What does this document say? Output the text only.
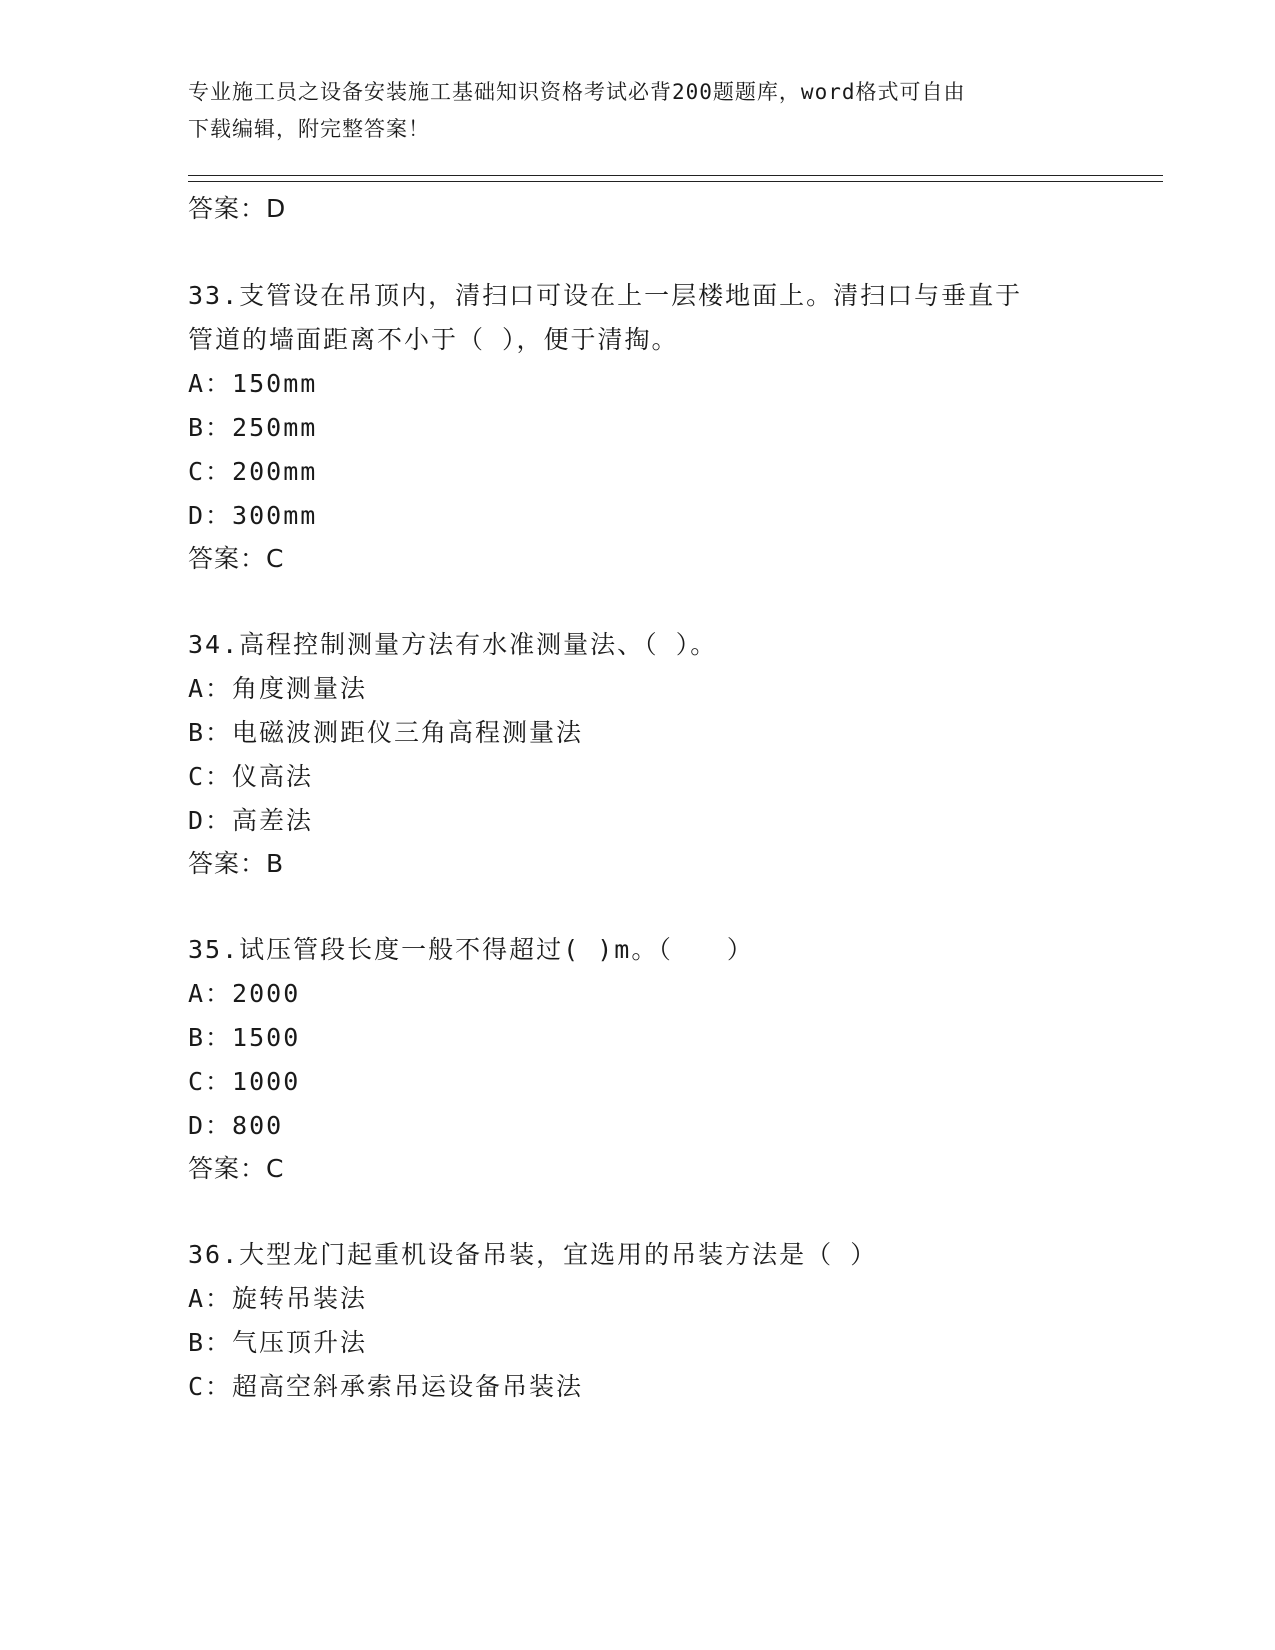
专业施工员之设备安装施工基础知识资格考试必背200题题库，word格式可自由
下载编辑，附完整答案！
答案：D
33.支管设在吊顶内，清扫口可设在上一层楼地面上。清扫口与垂直于
管道的墙面距离不小于（ ），便于清掏。
A：150mm
B：250mm
C：200mm
D：300mm
答案：C
34.高程控制测量方法有水准测量法、（ ）。
A：角度测量法
B：电磁波测距仪三角高程测量法
C：仪高法
D：高差法
答案：B
35.试压管段长度一般不得超过( )m。（　　）
A：2000
B：1500
C：1000
D：800
答案：C
36.大型龙门起重机设备吊装，宜选用的吊装方法是（ ）
A：旋转吊装法
B：气压顶升法
C：超高空斜承索吊运设备吊装法
